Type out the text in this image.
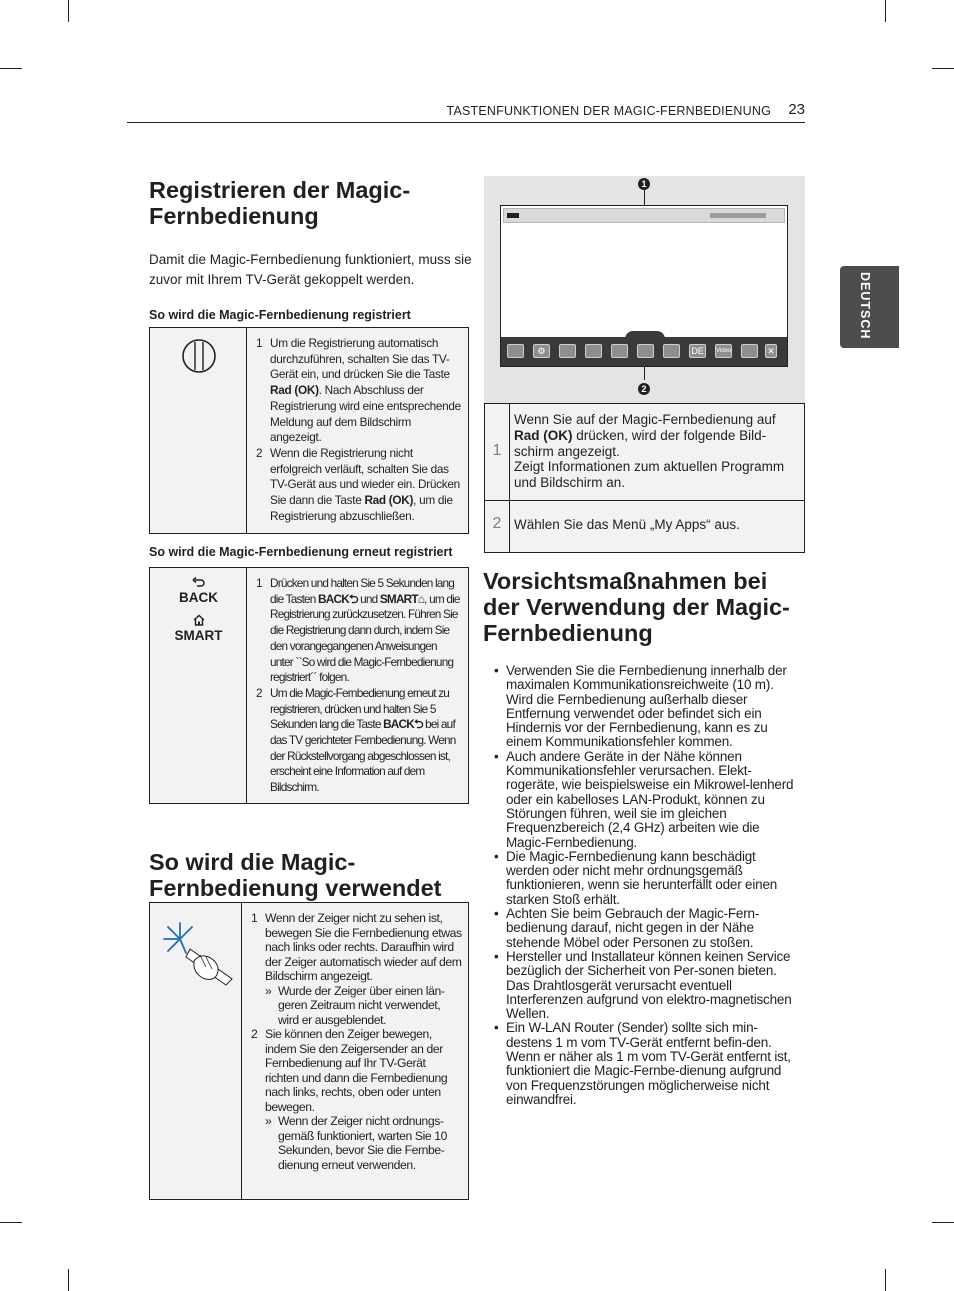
TASTENFUNKTIONEN DER MAGIC-FERNBEDIENUNG 23
DEUTSCH
Registrieren der Magic-Fernbedienung

Damit die Magic-Fernbedienung funktioniert, muss sie zuvor mit Ihrem TV-Gerät gekoppelt werden.

So wird die Magic-Fernbedienung registriert
1 Um die Registrierung automatisch durchzuführen, schalten Sie das TV-Gerät ein, und drücken Sie die Taste Rad (OK). Nach Abschluss der Registrierung wird eine entsprechende Meldung auf dem Bildschirm angezeigt.
2 Wenn die Registrierung nicht erfolgreich verläuft, schalten Sie das TV-Gerät aus und wieder ein. Drücken Sie dann die Taste Rad (OK), um die Registrierung abzuschließen.
So wird die Magic-Fernbedienung erneut registriert
BACK
SMART
1 Drücken und halten Sie 5 Sekunden lang die Tasten BACK⮌ und SMART⌂, um die Registrierung zurückzusetzen. Führen Sie die Registrierung dann durch, indem Sie den vorangegangenen Anweisungen unter ``So wird die Magic-Fernbedienung registriert´´ folgen.
2 Um die Magic-Fernbedienung erneut zu registrieren, drücken und halten Sie 5 Sekunden lang die Taste BACK⮌ bei auf das TV gerichteter Fernbedienung. Wenn der Rückstellvorgang abgeschlossen ist, erscheint eine Information auf dem Bildschirm.
So wird die Magic-Fernbedienung verwendet
1 Wenn der Zeiger nicht zu sehen ist, bewegen Sie die Fernbedienung etwas nach links oder rechts. Daraufhin wird der Zeiger automatisch wieder auf dem Bildschirm angezeigt.
» Wurde der Zeiger über einen län-geren Zeitraum nicht verwendet, wird er ausgeblendet.
2 Sie können den Zeiger bewegen, indem Sie den Zeigersender an der Fernbedienung auf Ihr TV-Gerät richten und dann die Fernbedienung nach links, rechts, oben oder unten bewegen.
» Wenn der Zeiger nicht ordnungs-gemäß funktioniert, warten Sie 10 Sekunden, bevor Sie die Fernbe-dienung erneut verwenden.
1
⚙	DE	Video	✕
2
1
Wenn Sie auf der Magic-Fernbedienung auf Rad (OK) drücken, wird der folgende Bild-schirm angezeigt.
Zeigt Informationen zum aktuellen Programm und Bildschirm an.
2 Wählen Sie das Menü „My Apps“ aus.
Vorsichtsmaßnahmen bei der Verwendung der Magic-Fernbedienung
• Verwenden Sie die Fernbedienung innerhalb der maximalen Kommunikationsreichweite (10 m). Wird die Fernbedienung außerhalb dieser Entfernung verwendet oder befindet sich ein Hindernis vor der Fernbedienung, kann es zu einem Kommunikationsfehler kommen.
• Auch andere Geräte in der Nähe können Kommunikationsfehler verursachen. Elekt-rogeräte, wie beispielsweise ein Mikrowel-lenherd oder ein kabelloses LAN-Produkt, können zu Störungen führen, weil sie im gleichen Frequenzbereich (2,4 GHz) arbeiten wie die Magic-Fernbedienung.
• Die Magic-Fernbedienung kann beschädigt werden oder nicht mehr ordnungsgemäß funktionieren, wenn sie herunterfällt oder einen starken Stoß erhält.
• Achten Sie beim Gebrauch der Magic-Fern-bedienung darauf, nicht gegen in der Nähe stehende Möbel oder Personen zu stoßen.
• Hersteller und Installateur können keinen Service bezüglich der Sicherheit von Per-sonen bieten. Das Drahtlosgerät verursacht eventuell Interferenzen aufgrund von elektro-magnetischen Wellen.
• Ein W-LAN Router (Sender) sollte sich min-destens 1 m vom TV-Gerät entfernt befin-den. Wenn er näher als 1 m vom TV-Gerät entfernt ist, funktioniert die Magic-Fernbe-dienung aufgrund von Frequenzstörungen möglicherweise nicht einwandfrei.
